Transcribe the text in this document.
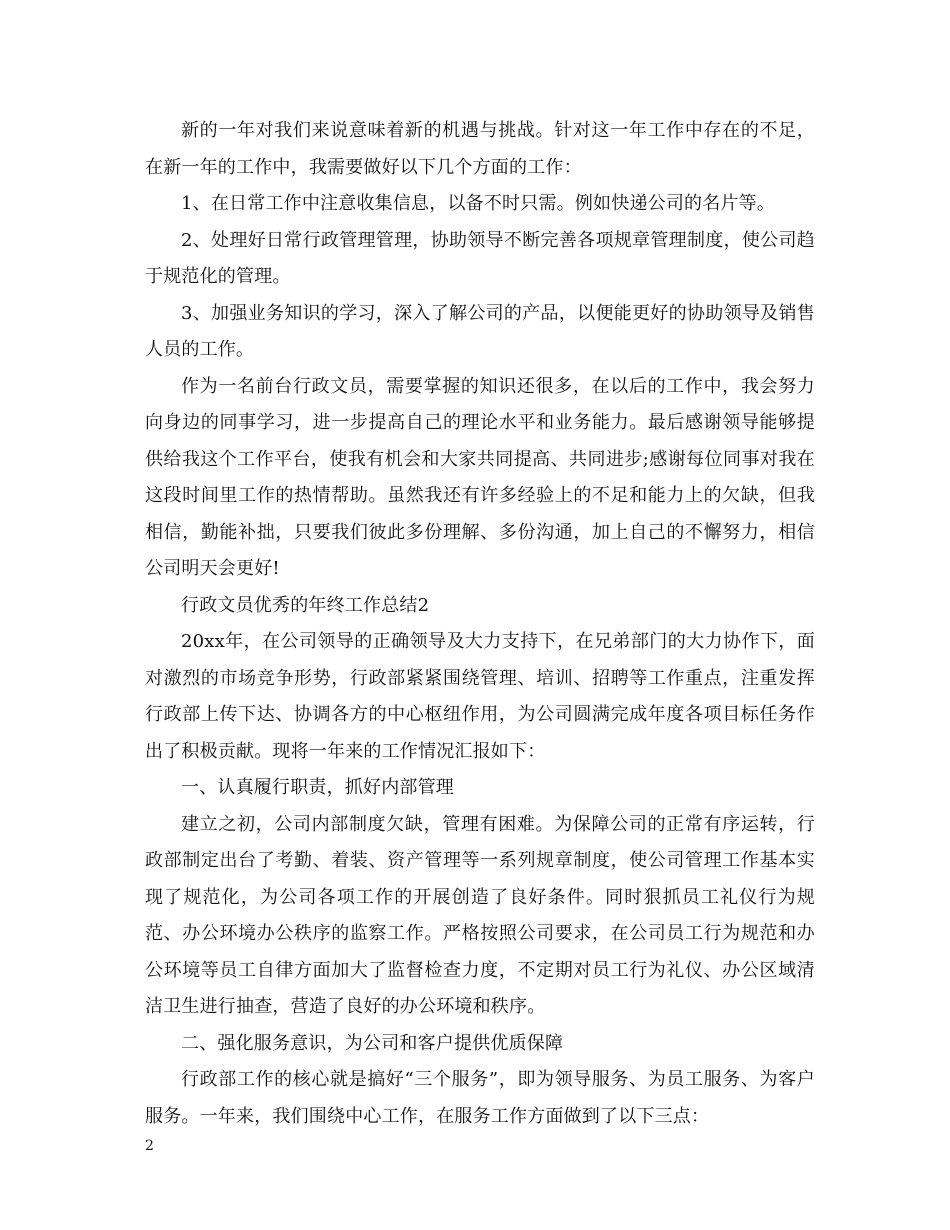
新的一年对我们来说意味着新的机遇与挑战。针对这一年工作中存在的不足，在新一年的工作中，我需要做好以下几个方面的工作：

1、在日常工作中注意收集信息，以备不时只需。例如快递公司的名片等。

2、处理好日常行政管理管理，协助领导不断完善各项规章管理制度，使公司趋于规范化的管理。

3、加强业务知识的学习，深入了解公司的产品，以便能更好的协助领导及销售人员的工作。

作为一名前台行政文员，需要掌握的知识还很多，在以后的工作中，我会努力向身边的同事学习，进一步提高自己的理论水平和业务能力。最后感谢领导能够提供给我这个工作平台，使我有机会和大家共同提高、共同进步;感谢每位同事对我在这段时间里工作的热情帮助。虽然我还有许多经验上的不足和能力上的欠缺，但我相信，勤能补拙，只要我们彼此多份理解、多份沟通，加上自己的不懈努力，相信公司明天会更好!

行政文员优秀的年终工作总结2

20xx年，在公司领导的正确领导及大力支持下，在兄弟部门的大力协作下，面对激烈的市场竞争形势，行政部紧紧围绕管理、培训、招聘等工作重点，注重发挥行政部上传下达、协调各方的中心枢纽作用，为公司圆满完成年度各项目标任务作出了积极贡献。现将一年来的工作情况汇报如下：

一、认真履行职责，抓好内部管理

建立之初，公司内部制度欠缺，管理有困难。为保障公司的正常有序运转，行政部制定出台了考勤、着装、资产管理等一系列规章制度，使公司管理工作基本实现了规范化，为公司各项工作的开展创造了良好条件。同时狠抓员工礼仪行为规范、办公环境办公秩序的监察工作。严格按照公司要求，在公司员工行为规范和办公环境等员工自律方面加大了监督检查力度，不定期对员工行为礼仪、办公区域清洁卫生进行抽查，营造了良好的办公环境和秩序。

二、强化服务意识，为公司和客户提供优质保障

行政部工作的核心就是搞好“三个服务”，即为领导服务、为员工服务、为客户服务。一年来，我们围绕中心工作，在服务工作方面做到了以下三点：

2
